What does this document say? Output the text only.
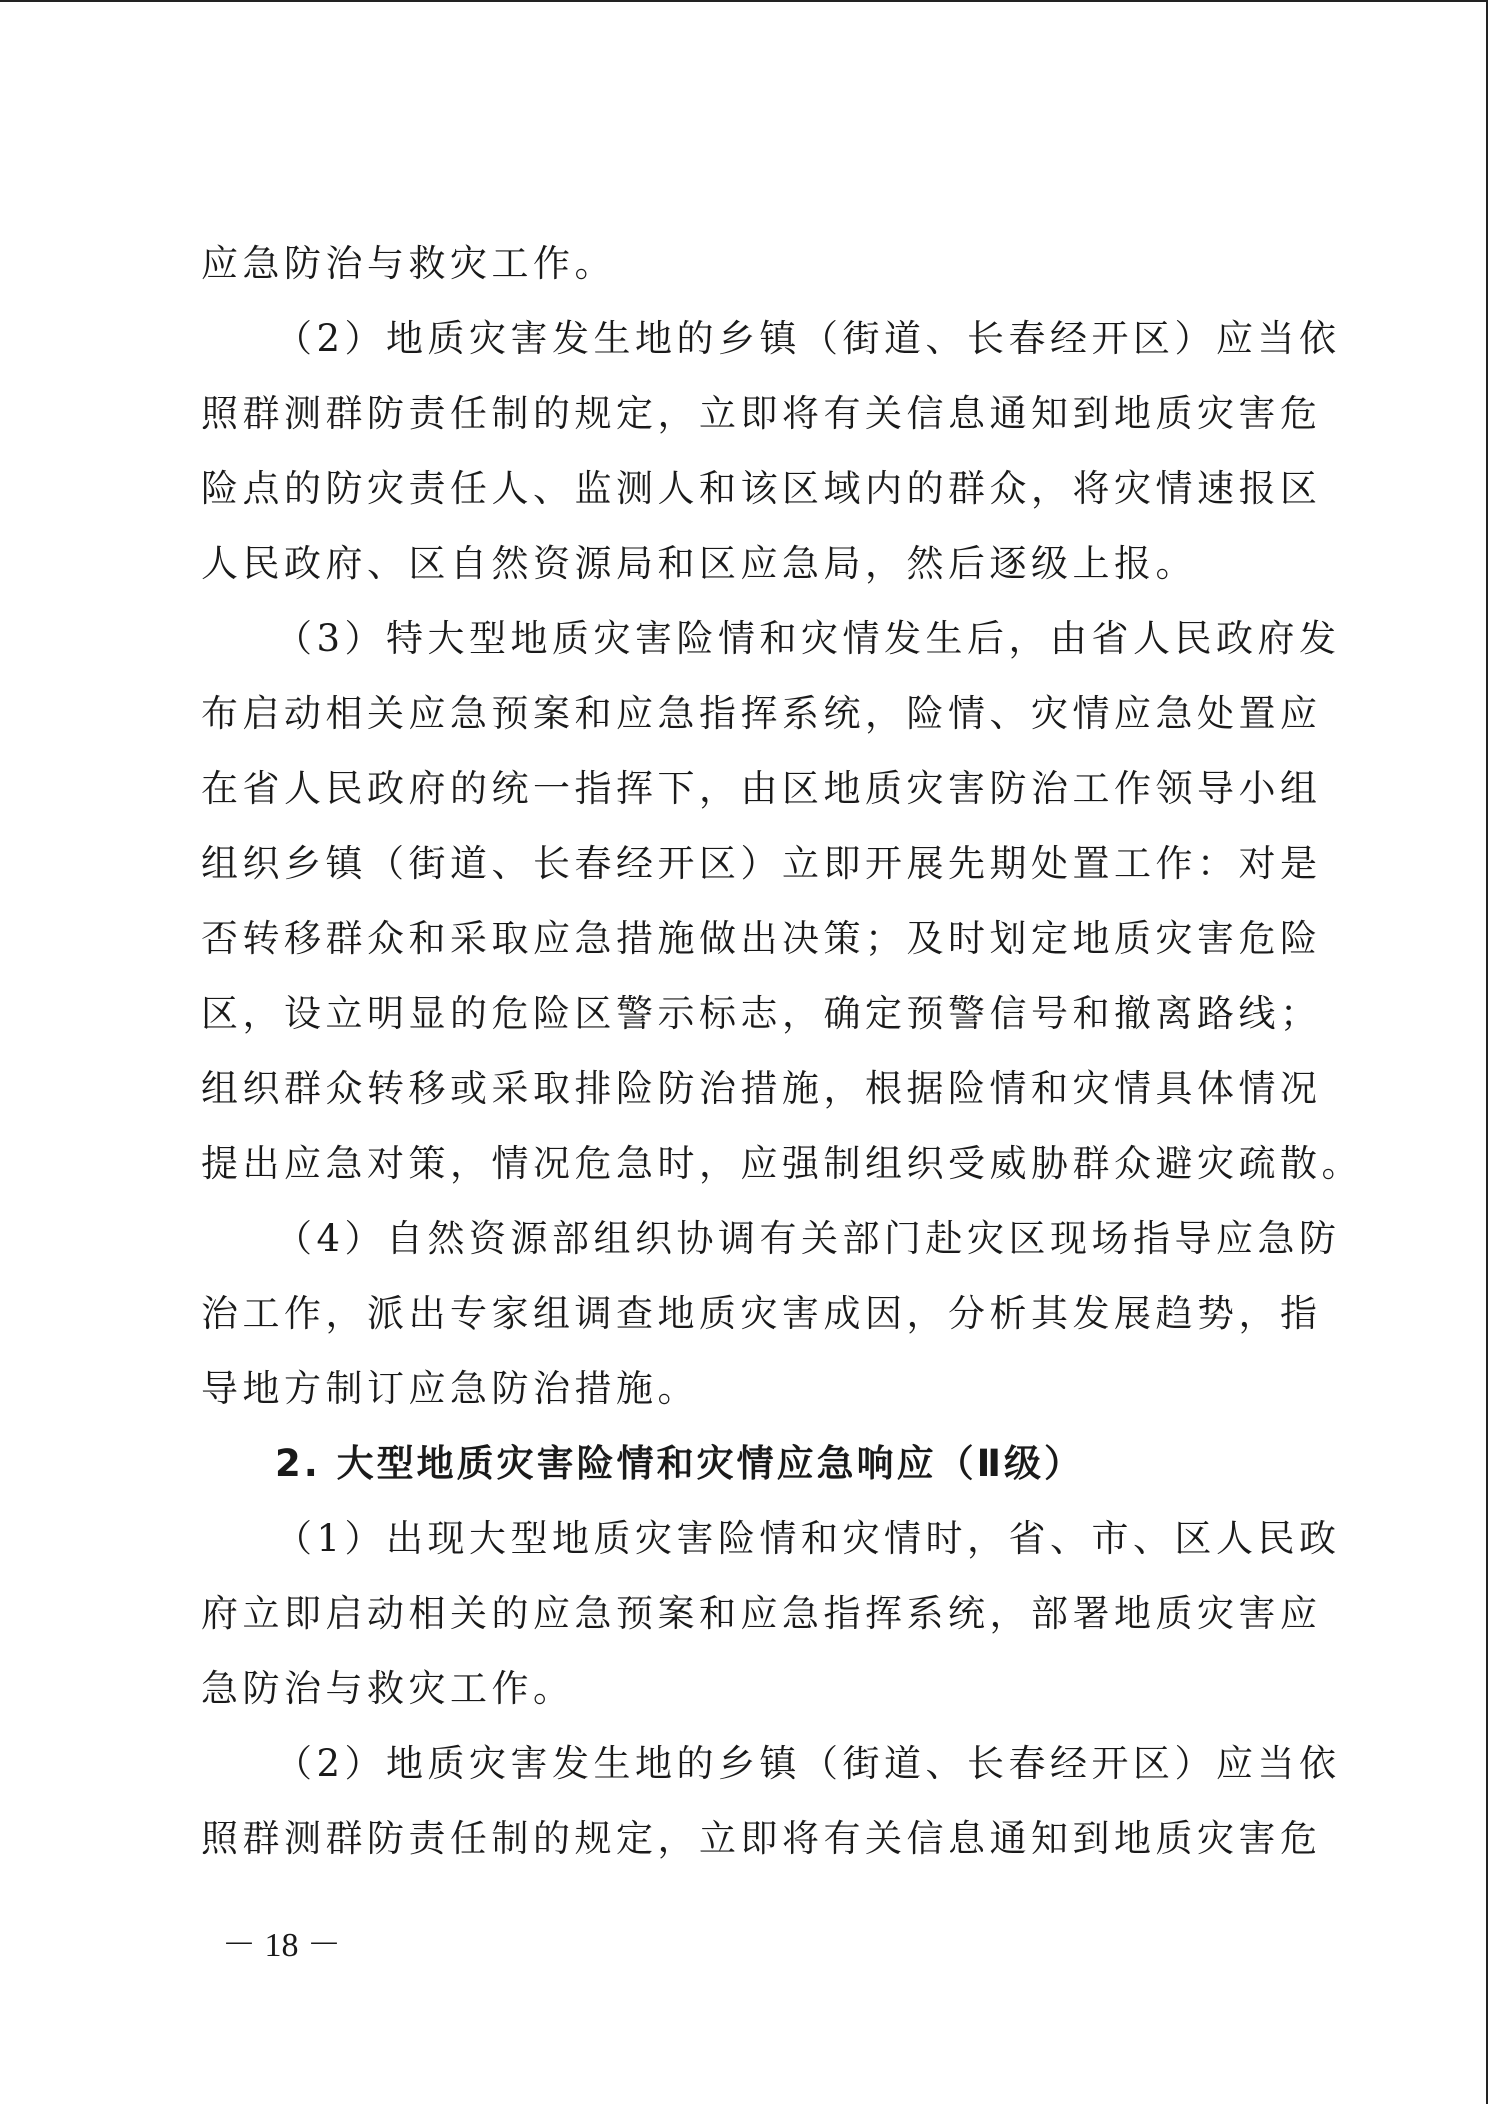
应急防治与救灾工作。
（2）地质灾害发生地的乡镇（街道、长春经开区）应当依
照群测群防责任制的规定，立即将有关信息通知到地质灾害危
险点的防灾责任人、监测人和该区域内的群众，将灾情速报区
人民政府、区自然资源局和区应急局，然后逐级上报。
（3）特大型地质灾害险情和灾情发生后，由省人民政府发
布启动相关应急预案和应急指挥系统，险情、灾情应急处置应
在省人民政府的统一指挥下，由区地质灾害防治工作领导小组
组织乡镇（街道、长春经开区）立即开展先期处置工作：对是
否转移群众和采取应急措施做出决策；及时划定地质灾害危险
区，设立明显的危险区警示标志，确定预警信号和撤离路线；
组织群众转移或采取排险防治措施，根据险情和灾情具体情况
提出应急对策，情况危急时，应强制组织受威胁群众避灾疏散。
（4）自然资源部组织协调有关部门赴灾区现场指导应急防
治工作，派出专家组调查地质灾害成因，分析其发展趋势，指
导地方制订应急防治措施。
2. 大型地质灾害险情和灾情应急响应（Ⅱ级）
（1）出现大型地质灾害险情和灾情时，省、市、区人民政
府立即启动相关的应急预案和应急指挥系统，部署地质灾害应
急防治与救灾工作。
（2）地质灾害发生地的乡镇（街道、长春经开区）应当依
照群测群防责任制的规定，立即将有关信息通知到地质灾害危
－ 18 －
